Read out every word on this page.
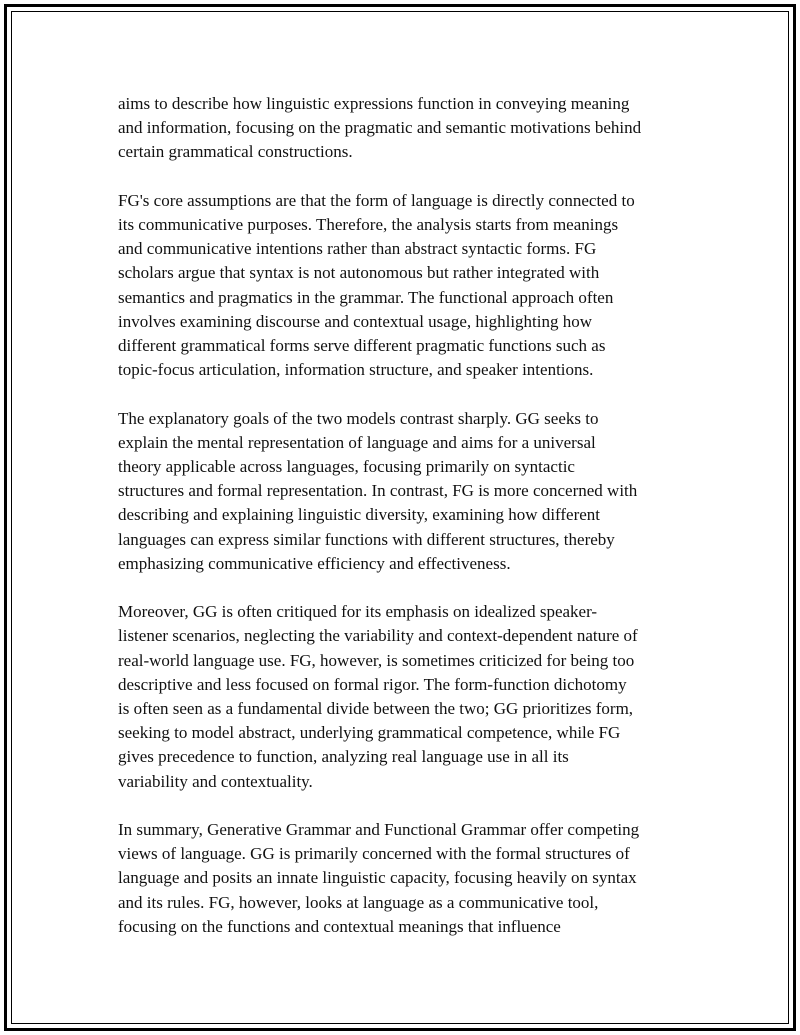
aims to describe how linguistic expressions function in conveying meaning
and information, focusing on the pragmatic and semantic motivations behind
certain grammatical constructions.

FG's core assumptions are that the form of language is directly connected to
its communicative purposes. Therefore, the analysis starts from meanings
and communicative intentions rather than abstract syntactic forms. FG
scholars argue that syntax is not autonomous but rather integrated with
semantics and pragmatics in the grammar. The functional approach often
involves examining discourse and contextual usage, highlighting how
different grammatical forms serve different pragmatic functions such as
topic-focus articulation, information structure, and speaker intentions.

The explanatory goals of the two models contrast sharply. GG seeks to
explain the mental representation of language and aims for a universal
theory applicable across languages, focusing primarily on syntactic
structures and formal representation. In contrast, FG is more concerned with
describing and explaining linguistic diversity, examining how different
languages can express similar functions with different structures, thereby
emphasizing communicative efficiency and effectiveness.

Moreover, GG is often critiqued for its emphasis on idealized speaker-
listener scenarios, neglecting the variability and context-dependent nature of
real-world language use. FG, however, is sometimes criticized for being too
descriptive and less focused on formal rigor. The form-function dichotomy
is often seen as a fundamental divide between the two; GG prioritizes form,
seeking to model abstract, underlying grammatical competence, while FG
gives precedence to function, analyzing real language use in all its
variability and contextuality.

In summary, Generative Grammar and Functional Grammar offer competing
views of language. GG is primarily concerned with the formal structures of
language and posits an innate linguistic capacity, focusing heavily on syntax
and its rules. FG, however, looks at language as a communicative tool,
focusing on the functions and contextual meanings that influence
